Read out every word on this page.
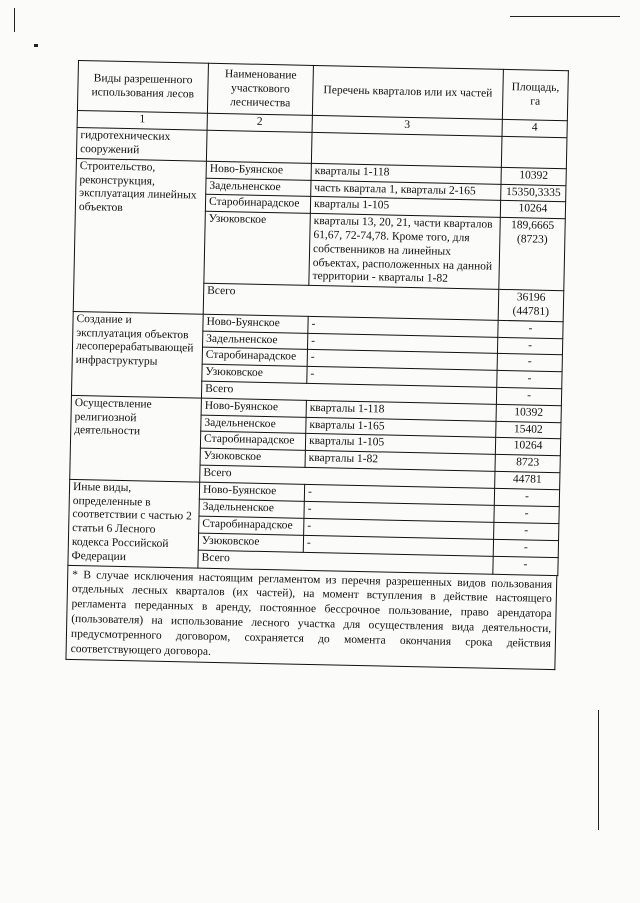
Виды разрешенного использования лесов	Наименование участкового лесничества	Перечень кварталов или их частей	Площадь, га
1	2	3	4
гидротехнических сооружений			
Строительство, реконструкция, эксплуатация линейных объектов	Ново-Буянское	кварталы 1-118	10392
	Задельненское	часть квартала 1, кварталы 2-165	15350,3335
	Старобинарадское	кварталы 1-105	10264
	Узюковское	кварталы 13, 20, 21, части кварталов 61,67, 72-74,78. Кроме того, для собственников на линейных объектах, расположенных на данной территории - кварталы 1-82	189,6665 (8723)
	Всего		36196 (44781)
Создание и эксплуатация объектов лесоперерабатывающей инфраструктуры	Ново-Буянское	-	-
	Задельненское	-	-
	Старобинарадское	-	-
	Узюковское	-	-
	Всего		-
Осуществление религиозной деятельности	Ново-Буянское	кварталы 1-118	10392
	Задельненское	кварталы 1-165	15402
	Старобинарадское	кварталы 1-105	10264
	Узюковское	кварталы 1-82	8723
	Всего		44781
Иные виды, определенные в соответствии с частью 2 статьи 6 Лесного кодекса Российской Федерации	Ново-Буянское	-	-
	Задельненское	-	-
	Старобинарадское	-	-
	Узюковское	-	-
	Всего		-
* В случае исключения настоящим регламентом из перечня разрешенных видов пользования отдельных лесных кварталов (их частей), на момент вступления в действие настоящего регламента переданных в аренду, постоянное бессрочное пользование, право арендатора (пользователя) на использование лесного участка для осуществления вида деятельности, предусмотренного договором, сохраняется до момента окончания срока действия соответствующего договора.
